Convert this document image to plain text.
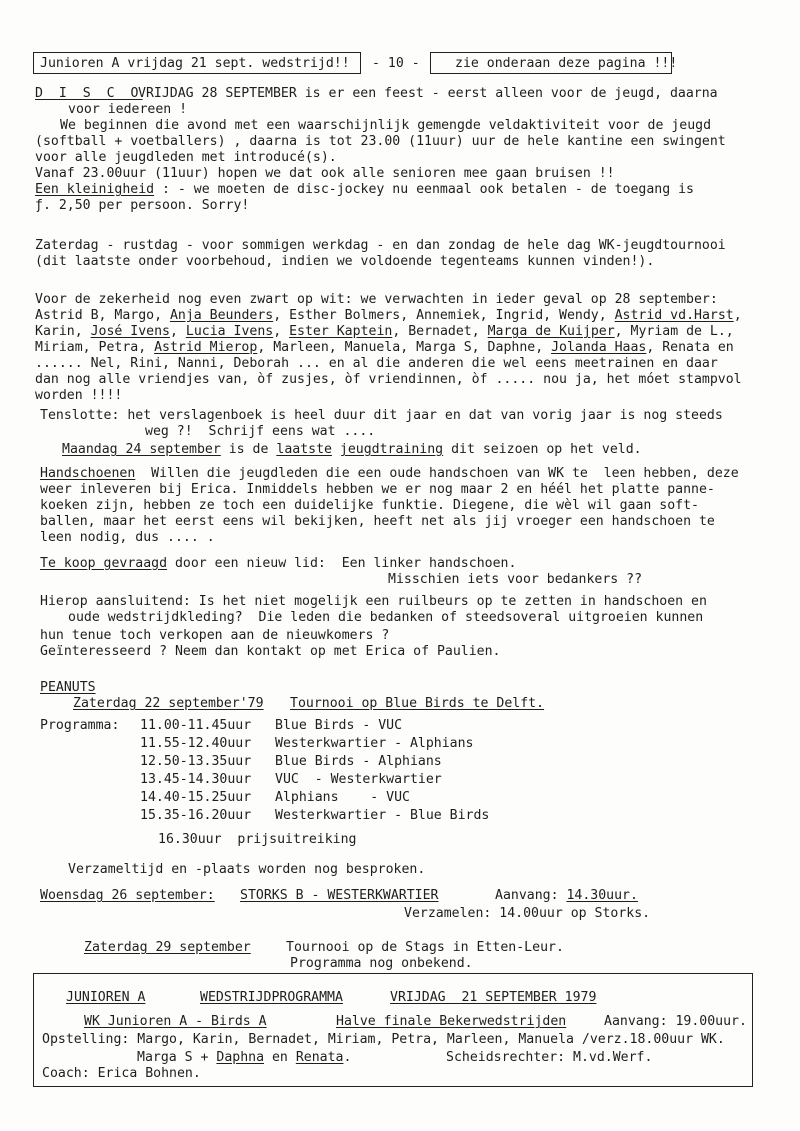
Junioren A vrijdag 21 sept. wedstrijd!! - 10 -	zie onderaan deze pagina !!!
D I S C O
VRIJDAG 28 SEPTEMBER is er een feest - eerst alleen voor de jeugd, daarna
voor iedereen !
We beginnen die avond met een waarschijnlijk gemengde veldaktiviteit voor de jeugd
(softball + voetballers) , daarna is tot 23.00 (11uur) uur de hele kantine een swingent
voor alle jeugdleden met introducé(s).
Vanaf 23.00uur (11uur) hopen we dat ook alle senioren mee gaan bruisen !!
Een kleinigheid : - we moeten de disc-jockey nu eenmaal ook betalen - de toegang is
ƒ. 2,50 per persoon. Sorry!
Zaterdag - rustdag - voor sommigen werkdag - en dan zondag de hele dag WK-jeugdtournooi
(dit laatste onder voorbehoud, indien we voldoende tegenteams kunnen vinden!).
Voor de zekerheid nog even zwart op wit: we verwachten in ieder geval op 28 september:
Astrid B, Margo, Anja Beunders, Esther Bolmers, Annemiek, Ingrid, Wendy, Astrid vd.Harst,
Karin, José Ivens, Lucia Ivens, Ester Kaptein, Bernadet, Marga de Kuijper, Myriam de L.,
Miriam, Petra, Astrid Mierop, Marleen, Manuela, Marga S, Daphne, Jolanda Haas, Renata en
...... Nel, Rini, Nanni, Deborah ... en al die anderen die wel eens meetrainen en daar
dan nog alle vriendjes van, òf zusjes, òf vriendinnen, òf ..... nou ja, het móet stampvol
worden !!!!
Tenslotte: het verslagenboek is heel duur dit jaar en dat van vorig jaar is nog steeds
weg ?!  Schrijf eens wat ....
Maandag 24 september is de laatste jeugdtraining dit seizoen op het veld.
Handschoenen  Willen die jeugdleden die een oude handschoen van WK te  leen hebben, deze
weer inleveren bij Erica. Inmiddels hebben we er nog maar 2 en héél het platte panne-
koeken zijn, hebben ze toch een duidelijke funktie. Diegene, die wèl wil gaan soft-
ballen, maar het eerst eens wil bekijken, heeft net als jij vroeger een handschoen te
leen nodig, dus .... .
Te koop gevraagd door een nieuw lid:  Een linker handschoen.
Misschien iets voor bedankers ??
Hierop aansluitend: Is het niet mogelijk een ruilbeurs op te zetten in handschoen en
oude wedstrijdkleding?  Die leden die bedanken of steedsoveral uitgroeien kunnen
hun tenue toch verkopen aan de nieuwkomers ?
Geïnteresseerd ? Neem dan kontakt op met Erica of Paulien.
PEANUTS
Zaterdag 22 september'79 Tournooi op Blue Birds te Delft.
Programma: 11.00-11.45uur Blue Birds - VUC
11.55-12.40uur Westerkwartier - Alphians
12.50-13.35uur Blue Birds - Alphians
13.45-14.30uur VUC  - Westerkwartier
14.40-15.25uur Alphians    - VUC
15.35-16.20uur Westerkwartier - Blue Birds
16.30uur  prijsuitreiking
Verzameltijd en -plaats worden nog besproken.
Woensdag 26 september: STORKS B - WESTERKWARTIER	Aanvang: 14.30uur.
Verzamelen: 14.00uur op Storks.
Zaterdag 29 september	Tournooi op de Stags in Etten-Leur.
Programma nog onbekend.
JUNIOREN A	WEDSTRIJDPROGRAMMA	VRIJDAG  21 SEPTEMBER 1979
WK Junioren A - Birds A	Halve finale Bekerwedstrijden	Aanvang: 19.00uur.
Opstelling: Margo, Karin, Bernadet, Miriam, Petra, Marleen, Manuela /verz.18.00uur WK.
Marga S + Daphna en Renata.	Scheidsrechter: M.vd.Werf.
Coach: Erica Bohnen.
